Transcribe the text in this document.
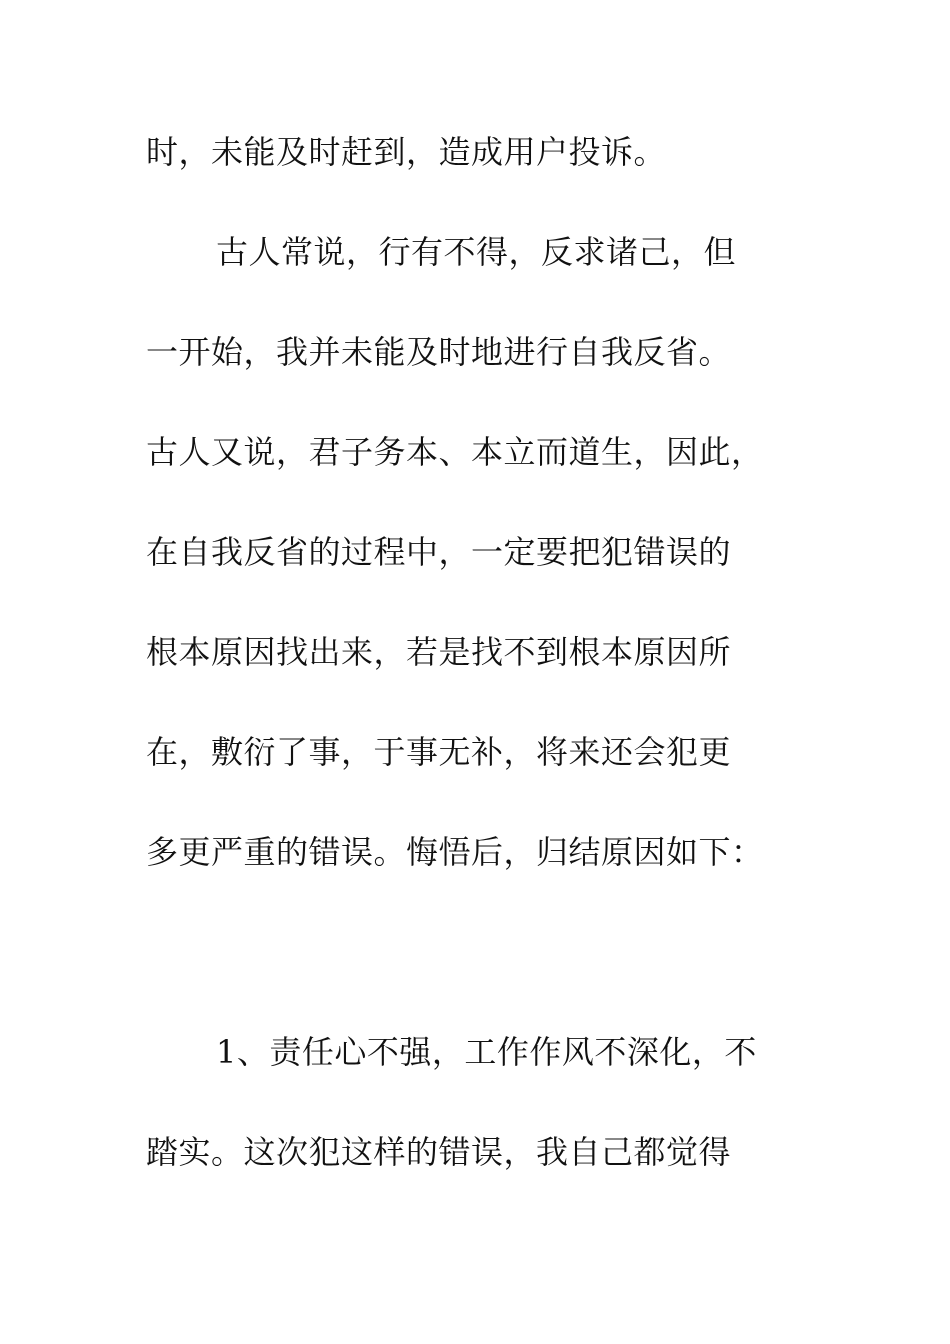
时，未能及时赶到，造成用户投诉。
古人常说，行有不得，反求诸己，但
一开始，我并未能及时地进行自我反省。
古人又说，君子务本、本立而道生，因此，
在自我反省的过程中，一定要把犯错误的
根本原因找出来，若是找不到根本原因所
在，敷衍了事，于事无补，将来还会犯更
多更严重的错误。悔悟后，归结原因如下：
1、责任心不强，工作作风不深化，不
踏实。这次犯这样的错误，我自己都觉得
